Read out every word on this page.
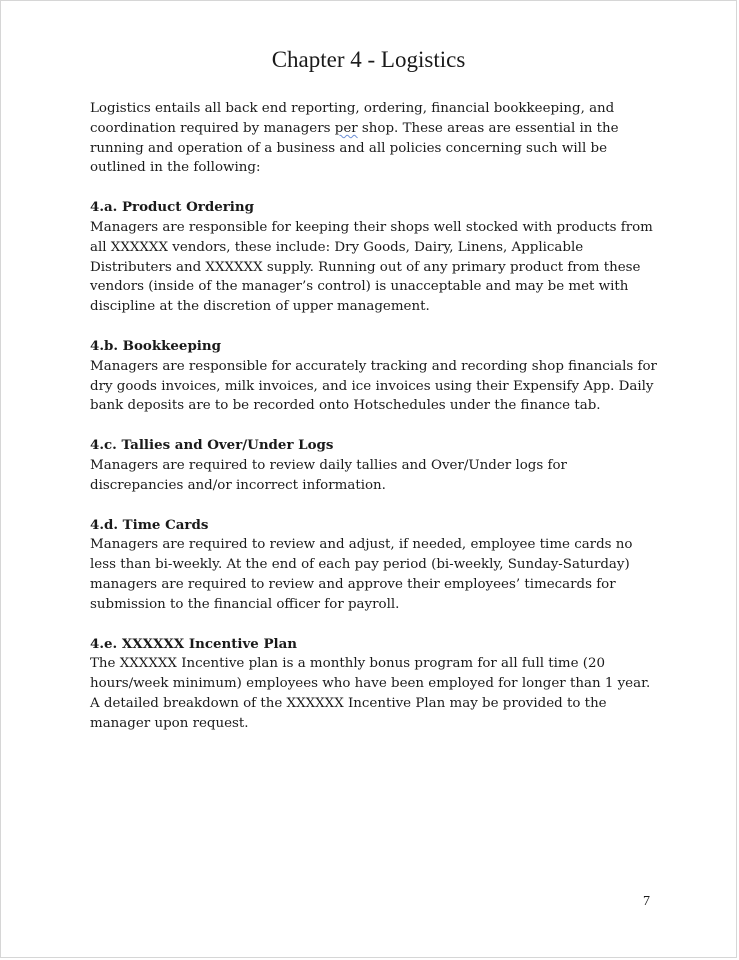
Chapter 4 - Logistics

Logistics entails all back end reporting, ordering, financial bookkeeping, and coordination required by managers per shop. These areas are essential in the running and operation of a business and all policies concerning such will be outlined in the following:

4.a. Product Ordering

Managers are responsible for keeping their shops well stocked with products from all XXXXXX vendors, these include: Dry Goods, Dairy, Linens, Applicable Distributers and XXXXXX supply. Running out of any primary product from these vendors (inside of the manager’s control) is unacceptable and may be met with discipline at the discretion of upper management.

4.b. Bookkeeping

Managers are responsible for accurately tracking and recording shop financials for dry goods invoices, milk invoices, and ice invoices using their Expensify App. Daily bank deposits are to be recorded onto Hotschedules under the finance tab.

4.c. Tallies and Over/Under Logs

Managers are required to review daily tallies and Over/Under logs for discrepancies and/or incorrect information.

4.d. Time Cards

Managers are required to review and adjust, if needed, employee time cards no less than bi-weekly. At the end of each pay period (bi-weekly, Sunday-Saturday) managers are required to review and approve their employees’ timecards for submission to the financial officer for payroll.

4.e. XXXXXX Incentive Plan

The XXXXXX Incentive plan is a monthly bonus program for all full time (20 hours/week minimum) employees who have been employed for longer than 1 year. A detailed breakdown of the XXXXXX Incentive Plan may be provided to the manager upon request.

7
